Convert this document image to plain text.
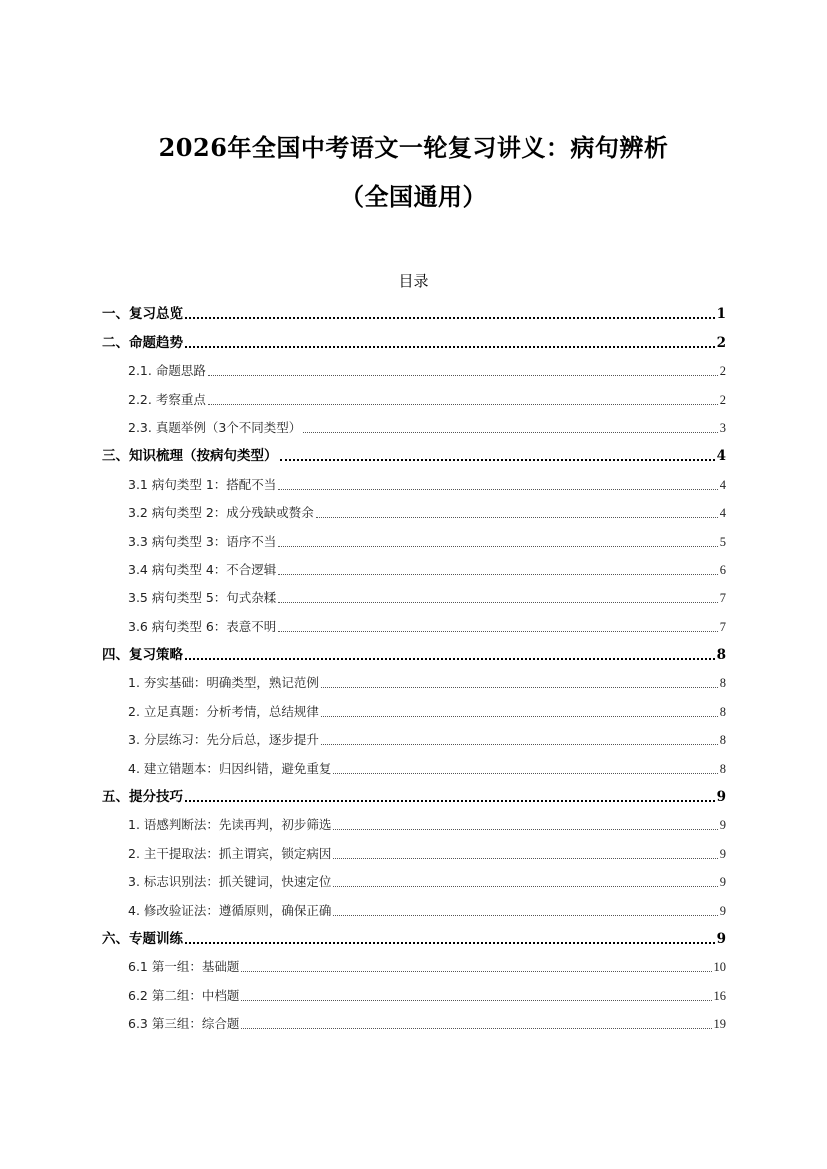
2026年全国中考语文一轮复习讲义：病句辨析
（全国通用）
目录
一、复习总览	1
二、命题趋势	2
2.1. 命题思路	2
2.2. 考察重点	2
2.3. 真题举例（3个不同类型）	3
三、知识梳理（按病句类型）	4
3.1 病句类型 1：搭配不当	4
3.2 病句类型 2：成分残缺或赘余	4
3.3 病句类型 3：语序不当	5
3.4 病句类型 4：不合逻辑	6
3.5 病句类型 5：句式杂糅	7
3.6 病句类型 6：表意不明	7
四、复习策略	8
1. 夯实基础：明确类型，熟记范例	8
2. 立足真题：分析考情，总结规律	8
3. 分层练习：先分后总，逐步提升	8
4. 建立错题本：归因纠错，避免重复	8
五、提分技巧	9
1. 语感判断法：先读再判，初步筛选	9
2. 主干提取法：抓主谓宾，锁定病因	9
3. 标志识别法：抓关键词，快速定位	9
4. 修改验证法：遵循原则，确保正确	9
六、专题训练	9
6.1 第一组：基础题	10
6.2 第二组：中档题	16
6.3 第三组：综合题	19
